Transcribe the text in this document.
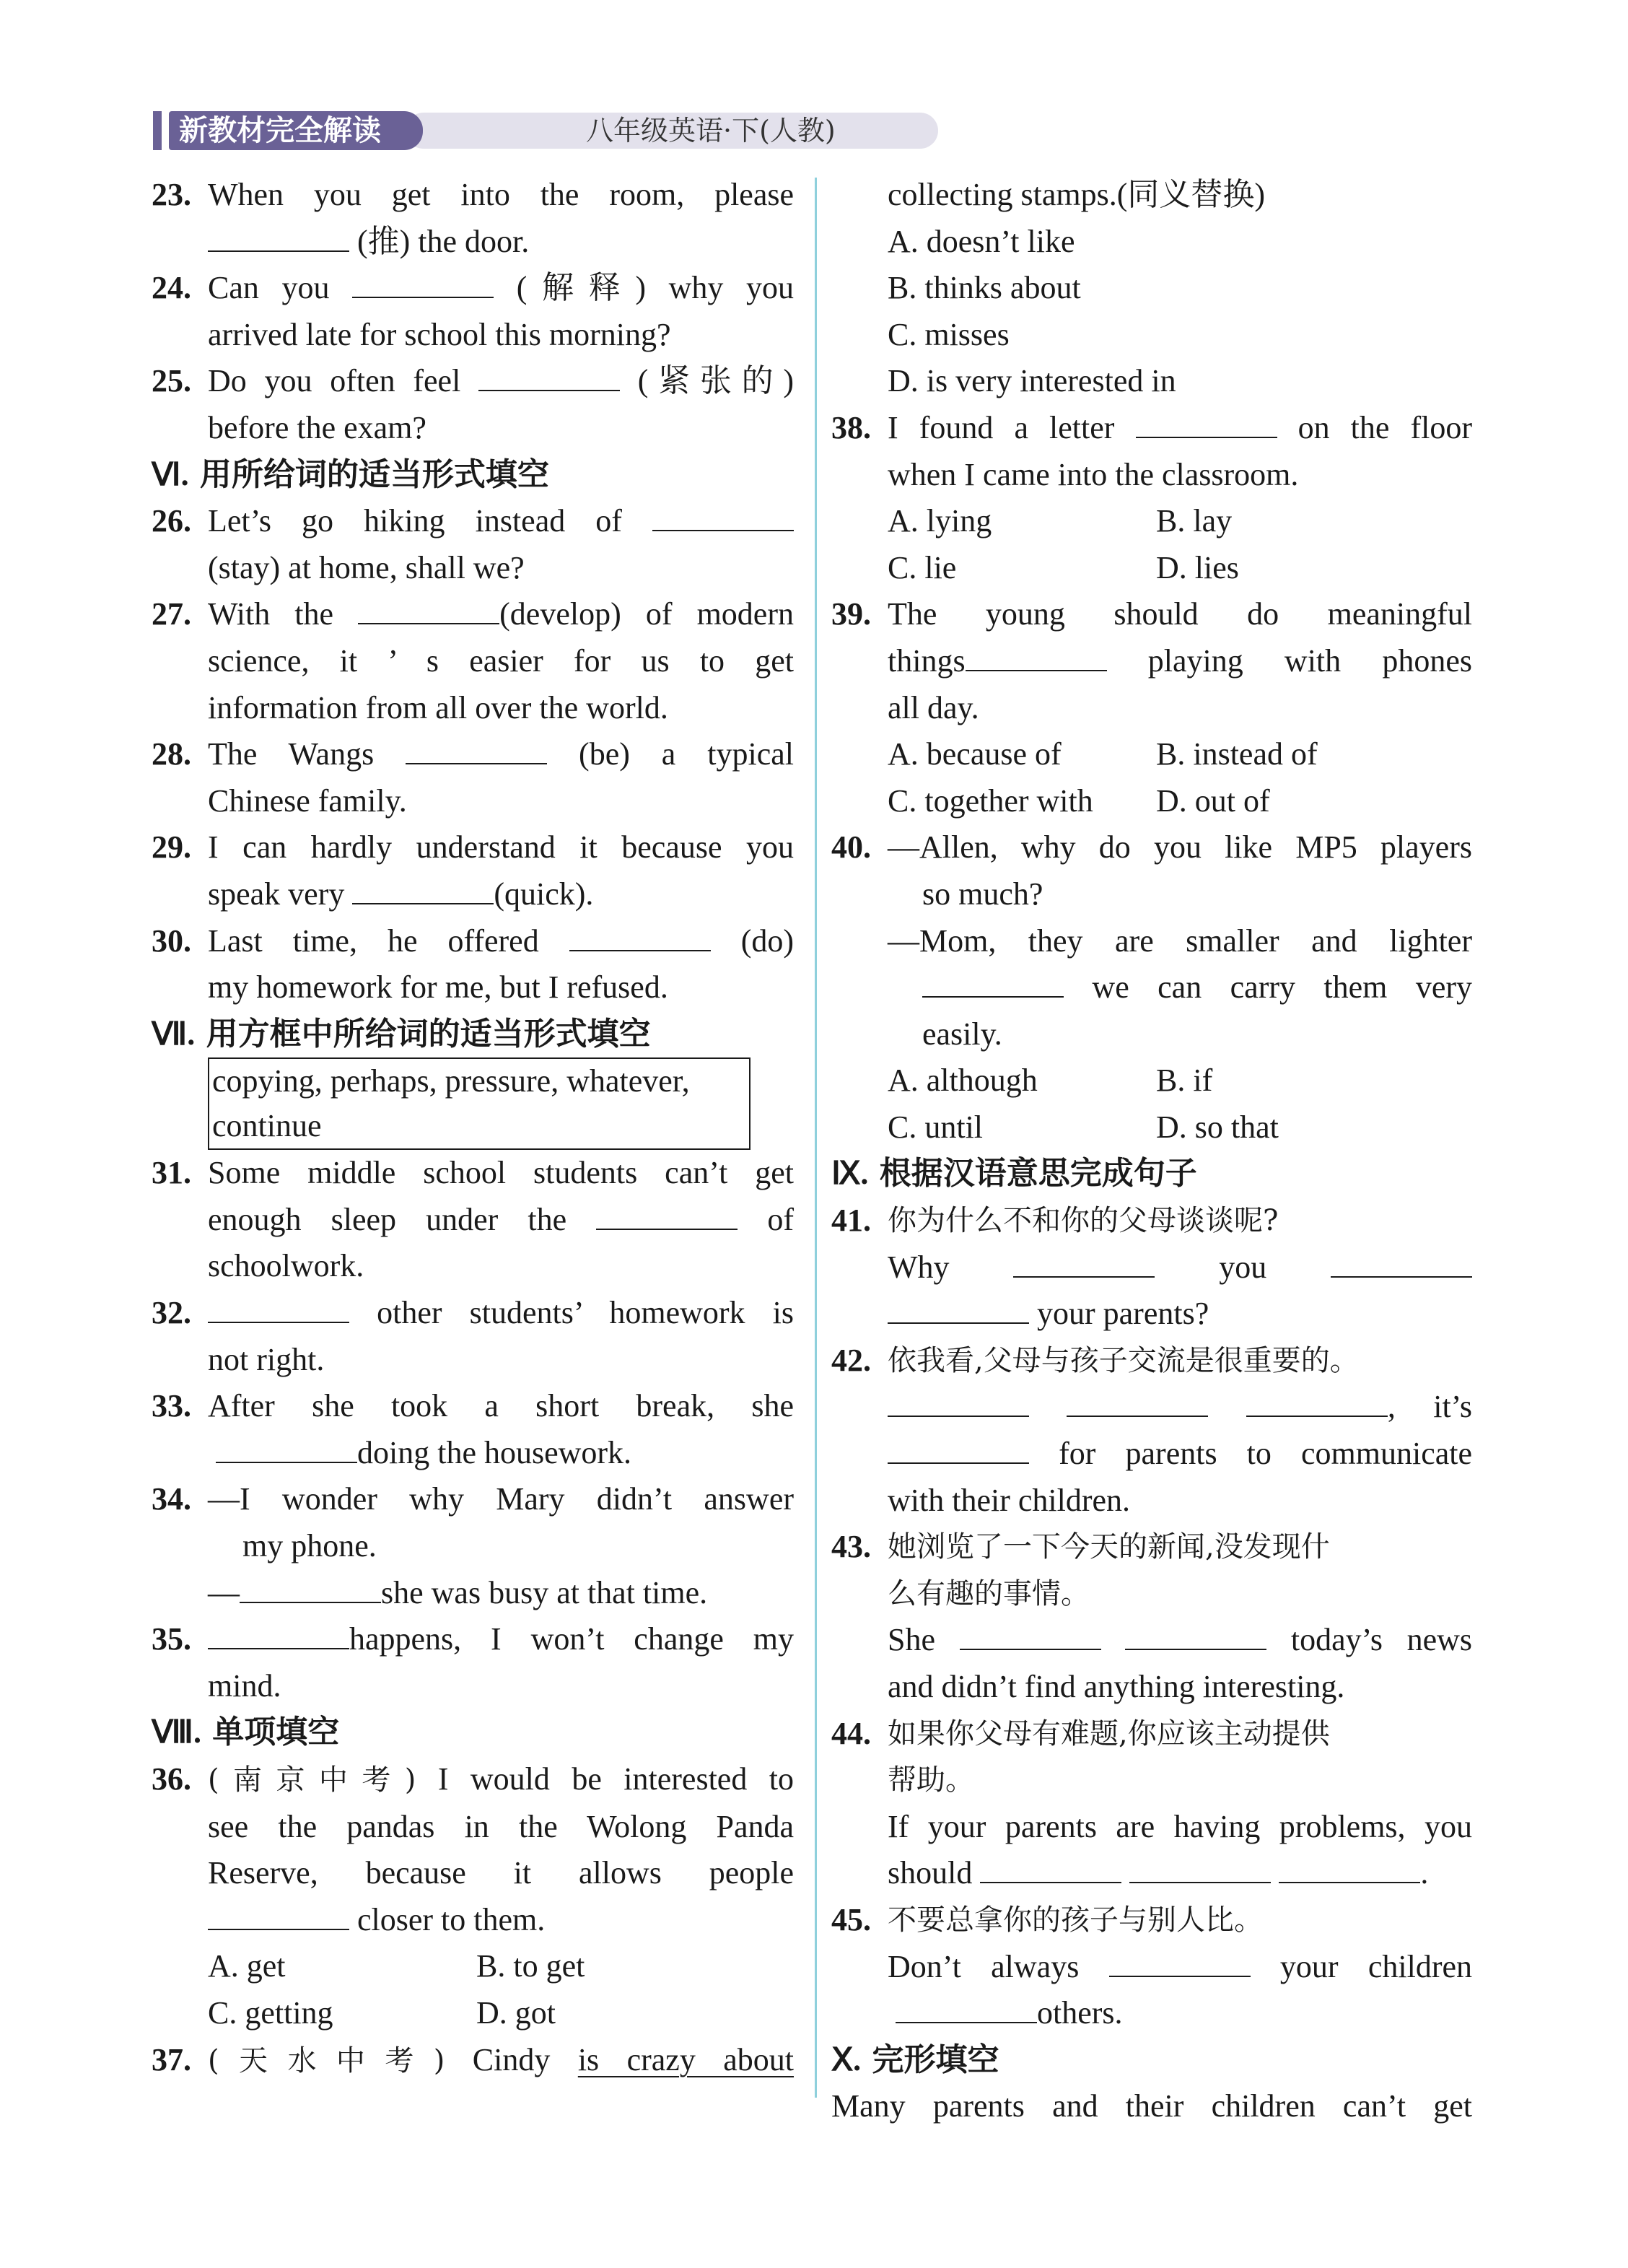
八年级英语·下(人教)
新教材完全解读
23. When you get into the room, please
(推) the door.
24. Can you	(解释) why you
arrived late for school this morning?
25. Do you often feel	(紧张的)
before the exam?
Ⅵ. 用所给词的适当形式填空
26. Let’s go hiking instead of
(stay) at home, shall we?
27. With the	(develop) of modern
science, it ’ s easier for us to get
information from all over the world.
28. The Wangs	(be) a typical
Chinese family.
29. I can hardly understand it because you
speak very	(quick).
30. Last time, he offered	(do)
my homework for me, but I refused.
Ⅶ. 用方框中所给词的适当形式填空
copying, perhaps, pressure, whatever,
continue
31. Some middle school students can’t get
enough sleep under the	of
schoolwork.
32.	other students’ homework is
not right.
33. After she took a short break, she
doing the housework.
34. —I wonder why Mary didn’t answer
my phone.
—	she was busy at that time.
35.	happens, I won’t change my
mind.
Ⅷ. 单项填空
36. (南京中考) I would be interested to
see the pandas in the Wolong Panda
Reserve, because it allows people
closer to them.
A. get	B. to get
C. getting	D. got
37. (天水中考) Cindy is crazy about
collecting stamps.(同义替换)
A. doesn’t like
B. thinks about
C. misses
D. is very interested in
38. I found a letter	on the floor
when I came into the classroom.
A. lying	B. lay
C. lie	D. lies
39. The young should do meaningful
things	playing with phones
all day.
A. because of	B. instead of
C. together with D. out of
40. —Allen, why do you like MP5 players
so much?
—Mom, they are smaller and lighter
we can carry them very
easily.
A. although	B. if
C. until	D. so that
Ⅸ. 根据汉语意思完成句子
41. 你为什么不和你的父母谈谈呢?
Why	you
your parents?
42. 依我看,父母与孩子交流是很重要的。
, it’s
for parents to communicate
with their children.
43. 她浏览了一下今天的新闻,没发现什
么有趣的事情。
She	today’s news
and didn’t find anything interesting.
44. 如果你父母有难题,你应该主动提供
帮助。
If your parents are having problems, you
should	.
45. 不要总拿你的孩子与别人比。
Don’t always	your children
others.
Ⅹ. 完形填空
Many parents and their children can’t get
